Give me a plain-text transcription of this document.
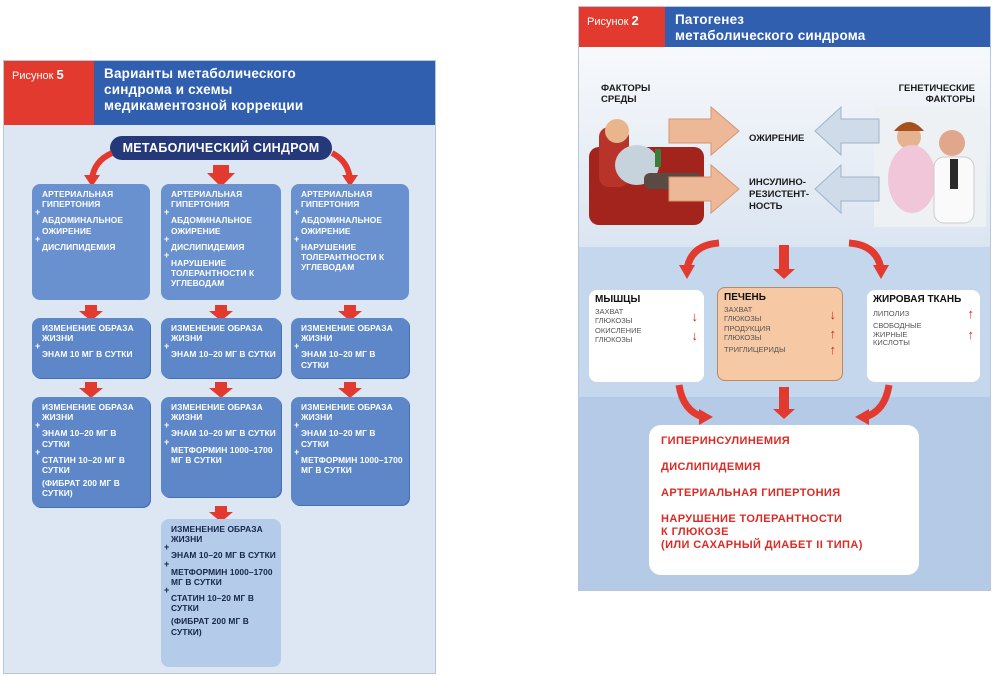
Рисунок 5	Варианты метаболического
синдрома и схемы
медикаментозной коррекции
МЕТАБОЛИЧЕСКИЙ СИНДРОМ
АРТЕРИАЛЬНАЯ ГИПЕРТОНИЯ
+
АБДОМИНАЛЬНОЕ ОЖИРЕНИЕ
+
ДИСЛИПИДЕМИЯ
ИЗМЕНЕНИЕ ОБРАЗА ЖИЗНИ
+
ЭНАМ 10 МГ В СУТКИ
ИЗМЕНЕНИЕ ОБРАЗА ЖИЗНИ
+
ЭНАМ 10–20 МГ В СУТКИ
+
СТАТИН 10–20 МГ В СУТКИ
(ФИБРАТ 200 МГ В СУТКИ)
АРТЕРИАЛЬНАЯ ГИПЕРТОНИЯ
+
АБДОМИНАЛЬНОЕ ОЖИРЕНИЕ
+
ДИСЛИПИДЕМИЯ
+
НАРУШЕНИЕ ТОЛЕРАНТНОСТИ К УГЛЕВОДАМ
ИЗМЕНЕНИЕ ОБРАЗА ЖИЗНИ
+
ЭНАМ 10–20 МГ В СУТКИ
ИЗМЕНЕНИЕ ОБРАЗА ЖИЗНИ
+
ЭНАМ 10–20 МГ В СУТКИ
+
МЕТФОРМИН 1000–1700 МГ В СУТКИ
ИЗМЕНЕНИЕ ОБРАЗА ЖИЗНИ
+
ЭНАМ 10–20 МГ В СУТКИ
+
МЕТФОРМИН 1000–1700 МГ В СУТКИ
+
СТАТИН 10–20 МГ В СУТКИ
(ФИБРАТ 200 МГ В СУТКИ)
АРТЕРИАЛЬНАЯ ГИПЕРТОНИЯ
+
АБДОМИНАЛЬНОЕ ОЖИРЕНИЕ
+
НАРУШЕНИЕ ТОЛЕРАНТНОСТИ К УГЛЕВОДАМ
ИЗМЕНЕНИЕ ОБРАЗА ЖИЗНИ
+
ЭНАМ 10–20 МГ В СУТКИ
ИЗМЕНЕНИЕ ОБРАЗА ЖИЗНИ
+
ЭНАМ 10–20 МГ В СУТКИ
+
МЕТФОРМИН 1000–1700 МГ В СУТКИ
Рисунок 2	Патогенез
метаболического синдрома
ФАКТОРЫ
СРЕДЫ
ГЕНЕТИЧЕСКИЕ
ФАКТОРЫ
ОЖИРЕНИЕ
ИНСУЛИНО-
РЕЗИСТЕНТ-
НОСТЬ
МЫШЦЫ
ЗАХВАТ
ГЛЮКОЗЫ	↓
ОКИСЛЕНИЕ
ГЛЮКОЗЫ	↓
ПЕЧЕНЬ
ЗАХВАТ
ГЛЮКОЗЫ	↓
ПРОДУКЦИЯ
ГЛЮКОЗЫ	↑
ТРИГЛИЦЕРИДЫ	↑
ЖИРОВАЯ ТКАНЬ
ЛИПОЛИЗ	↑
СВОБОДНЫЕ
ЖИРНЫЕ
КИСЛОТЫ
↑
ГИПЕРИНСУЛИНЕМИЯ
ДИСЛИПИДЕМИЯ
АРТЕРИАЛЬНАЯ ГИПЕРТОНИЯ
НАРУШЕНИЕ ТОЛЕРАНТНОСТИ
К ГЛЮКОЗЕ
(ИЛИ САХАРНЫЙ ДИАБЕТ II ТИПА)
